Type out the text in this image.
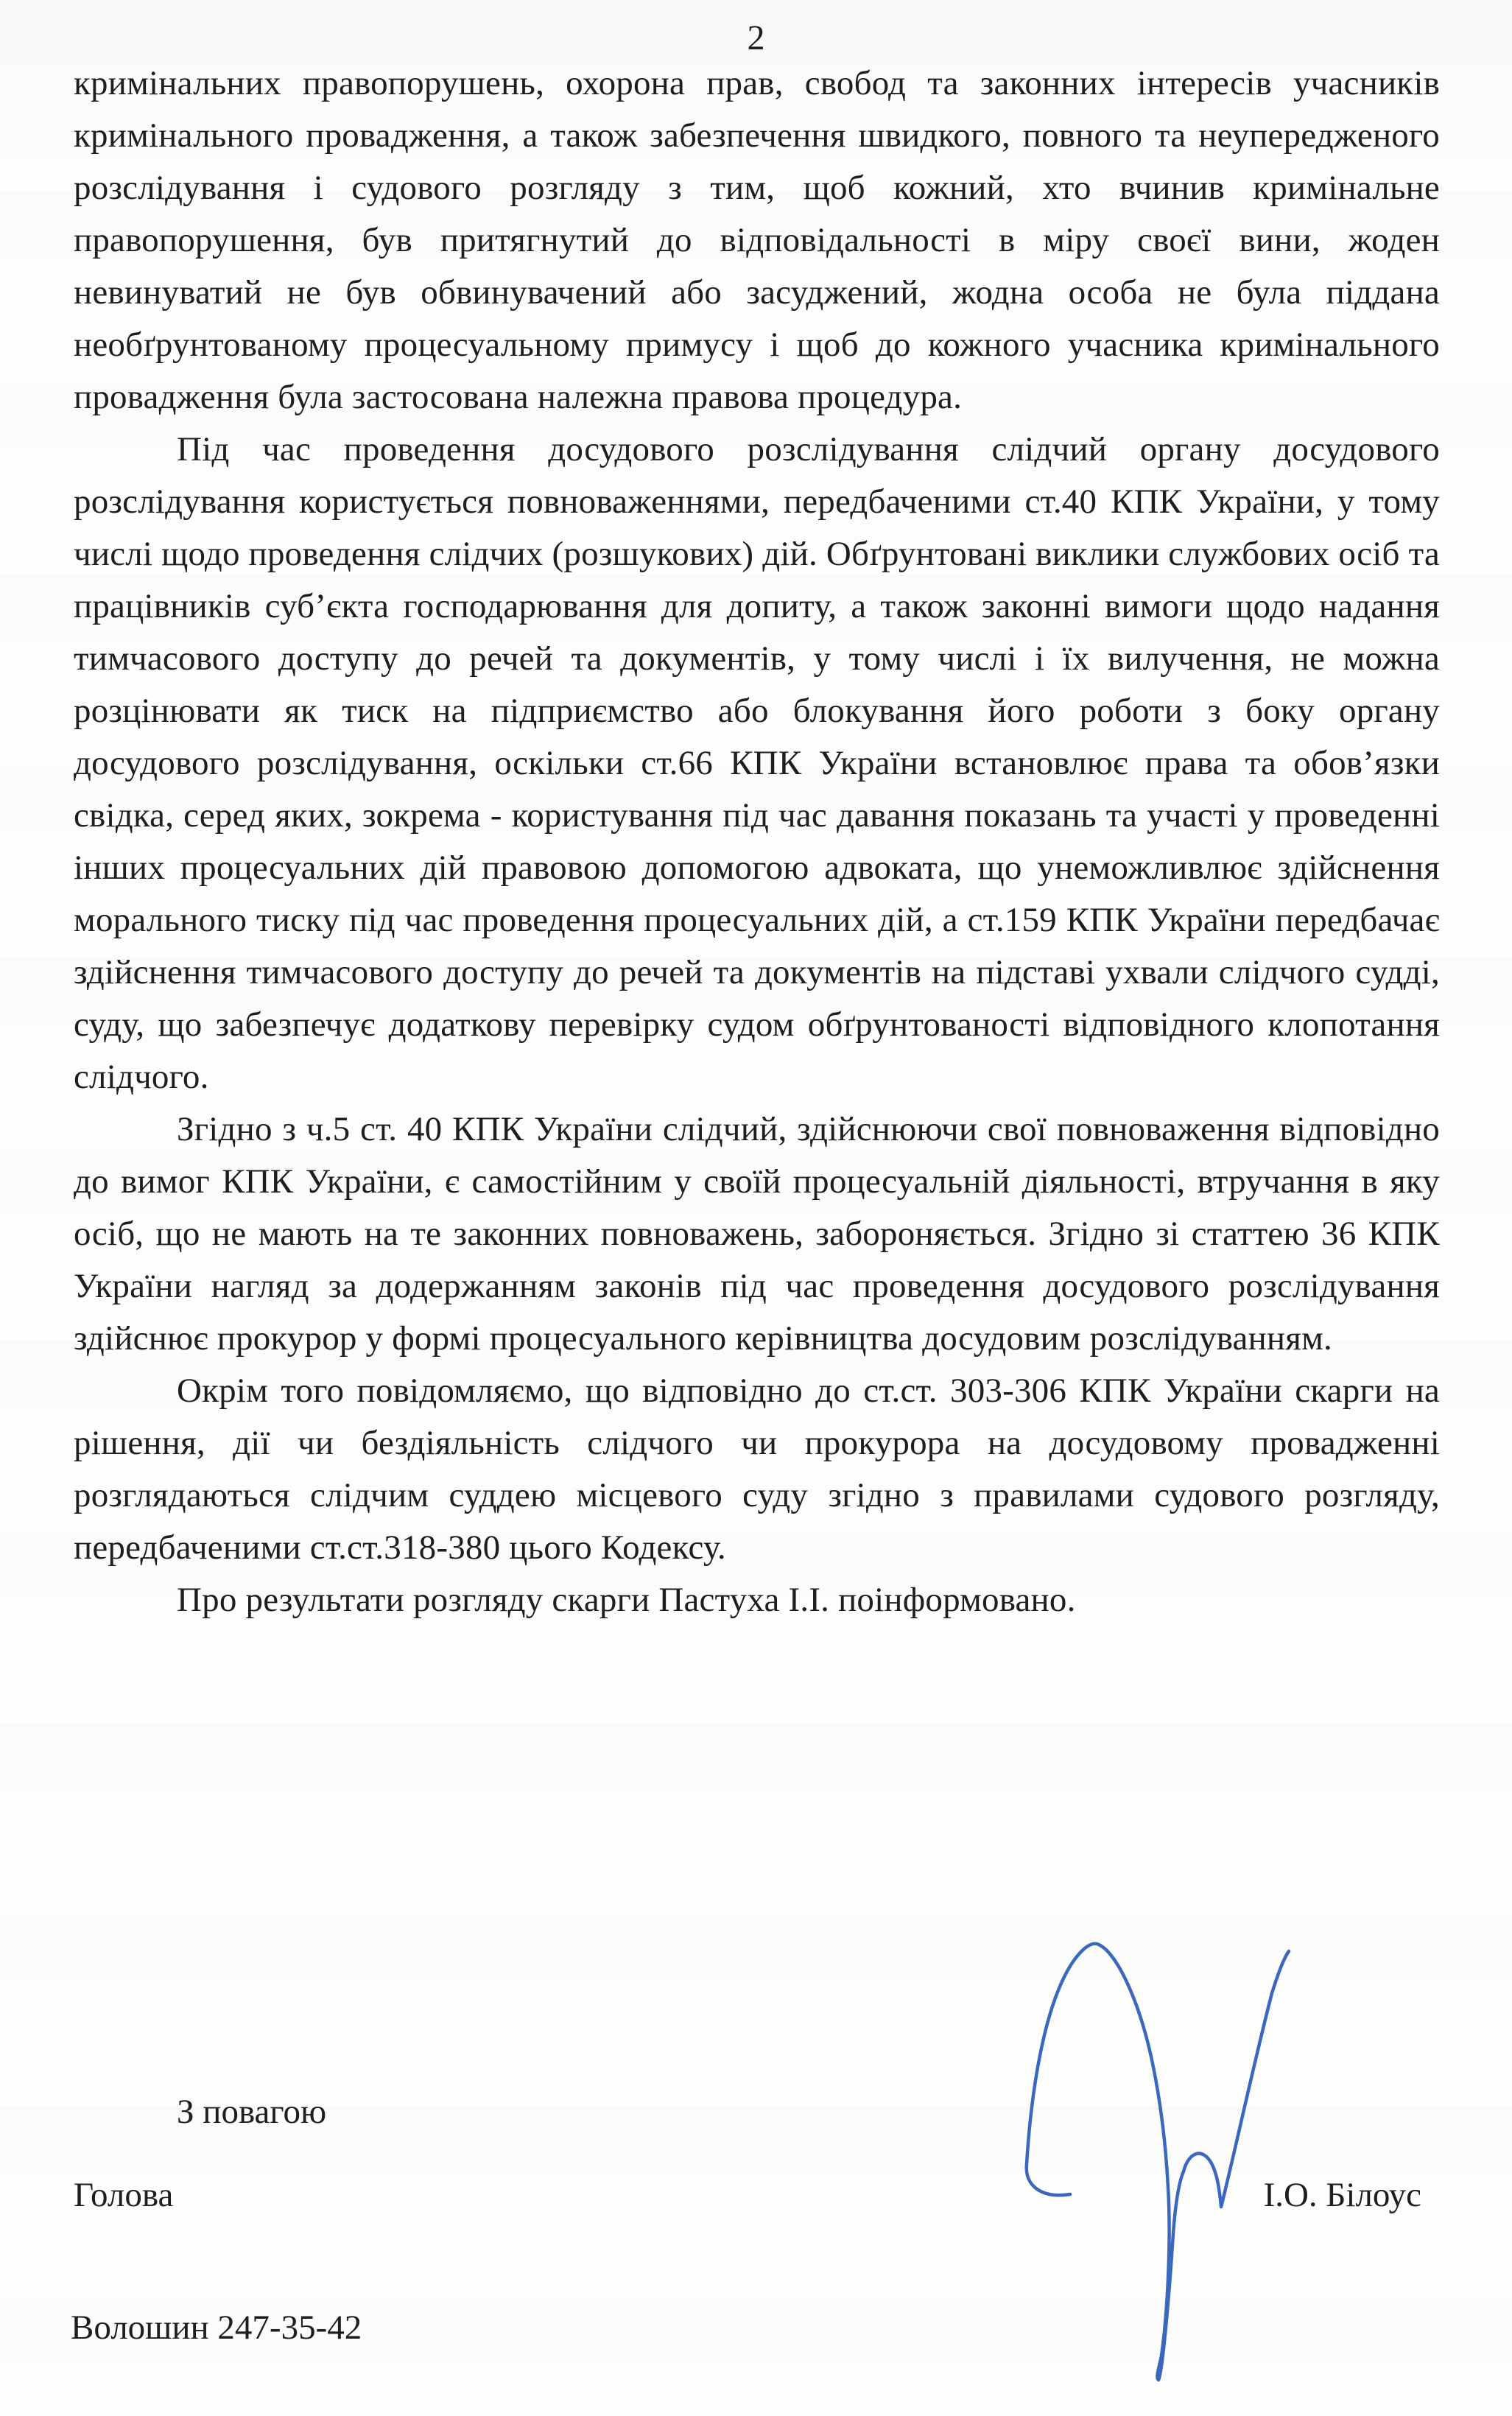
2

кримінальних правопорушень, охорона прав, свобод та законних інтересів учасників кримінального провадження, а також забезпечення швидкого, повного та неупередженого розслідування і судового розгляду з тим, щоб кожний, хто вчинив кримінальне правопорушення, був притягнутий до відповідальності в міру своєї вини, жоден невинуватий не був обвинувачений або засуджений, жодна особа не була піддана необґрунтованому процесуальному примусу і щоб до кожного учасника кримінального провадження була застосована належна правова процедура.

Під час проведення досудового розслідування слідчий органу досудового розслідування користується повноваженнями, передбаченими ст.40 КПК України, у тому числі щодо проведення слідчих (розшукових) дій. Обґрунтовані виклики службових осіб та працівників суб’єкта господарювання для допиту, а також законні вимоги щодо надання тимчасового доступу до речей та документів, у тому числі і їх вилучення, не можна розцінювати як тиск на підприємство або блокування його роботи з боку органу досудового розслідування, оскільки ст.66 КПК України встановлює права та обов’язки свідка, серед яких, зокрема - користування під час давання показань та участі у проведенні інших процесуальних дій правовою допомогою адвоката, що унеможливлює здійснення морального тиску під час проведення процесуальних дій, а ст.159 КПК України передбачає здійснення тимчасового доступу до речей та документів на підставі ухвали слідчого судді, суду, що забезпечує додаткову перевірку судом обґрунтованості відповідного клопотання слідчого.

Згідно з ч.5 ст. 40 КПК України слідчий, здійснюючи свої повноваження відповідно до вимог КПК України, є самостійним у своїй процесуальній діяльності, втручання в яку осіб, що не мають на те законних повноважень, забороняється. Згідно зі статтею 36 КПК України нагляд за додержанням законів під час проведення досудового розслідування здійснює прокурор у формі процесуального керівництва досудовим розслідуванням.

Окрім того повідомляємо, що відповідно до ст.ст. 303-306 КПК України скарги на рішення, дії чи бездіяльність слідчого чи прокурора на досудовому провадженні розглядаються слідчим суддею місцевого суду згідно з правилами судового розгляду, передбаченими ст.ст.318-380 цього Кодексу.

Про результати розгляду скарги Пастуха І.І. поінформовано.

З повагою
Голова	І.О. Білоус
Волошин 247-35-42
